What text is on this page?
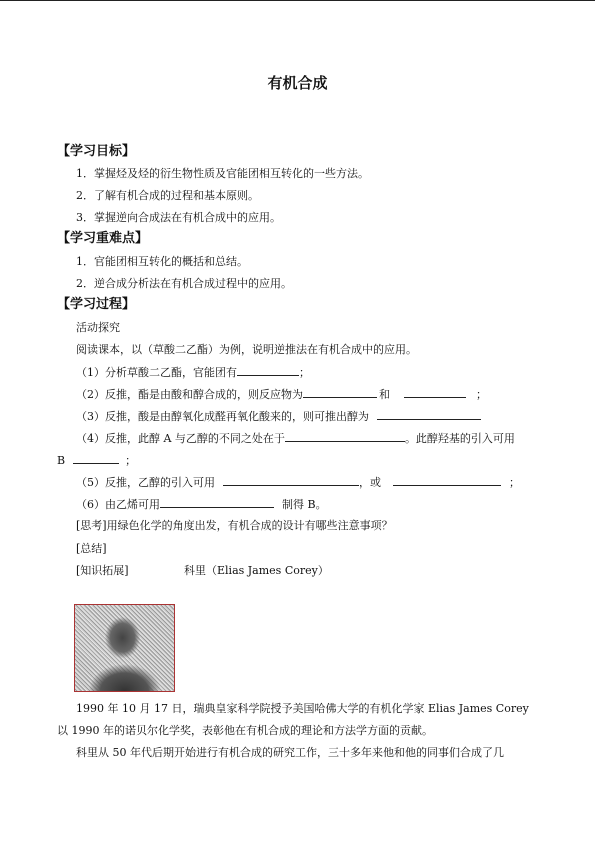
有机合成
【学习目标】
1．掌握烃及烃的衍生物性质及官能团相互转化的一些方法。
2．了解有机合成的过程和基本原则。
3．掌握逆向合成法在有机合成中的应用。
【学习重难点】
1．官能团相互转化的概括和总结。
2．逆合成分析法在有机合成过程中的应用。
【学习过程】
活动探究
阅读课本，以（草酸二乙酯）为例，说明逆推法在有机合成中的应用。
（1）分析草酸二乙酯，官能团有	；
（2）反推，酯是由酸和醇合成的，则反应物为	和	；
（3）反推，酸是由醇氧化成醛再氧化酸来的，则可推出醇为
（4）反推，此醇 A 与乙醇的不同之处在于	。此醇羟基的引入可用
B	；
（5）反推，乙醇的引入可用	，或	；
（6）由乙烯可用	制得 B。
[思考]用绿色化学的角度出发，有机合成的设计有哪些注意事项？
[总结]
[知识拓展]	科里（Elias James Corey）
1990 年 10 月 17 日，瑞典皇家科学院授予美国哈佛大学的有机化学家 Elias James Corey
以 1990 年的诺贝尔化学奖，表彰他在有机合成的理论和方法学方面的贡献。
科里从 50 年代后期开始进行有机合成的研究工作，三十多年来他和他的同事们合成了几
